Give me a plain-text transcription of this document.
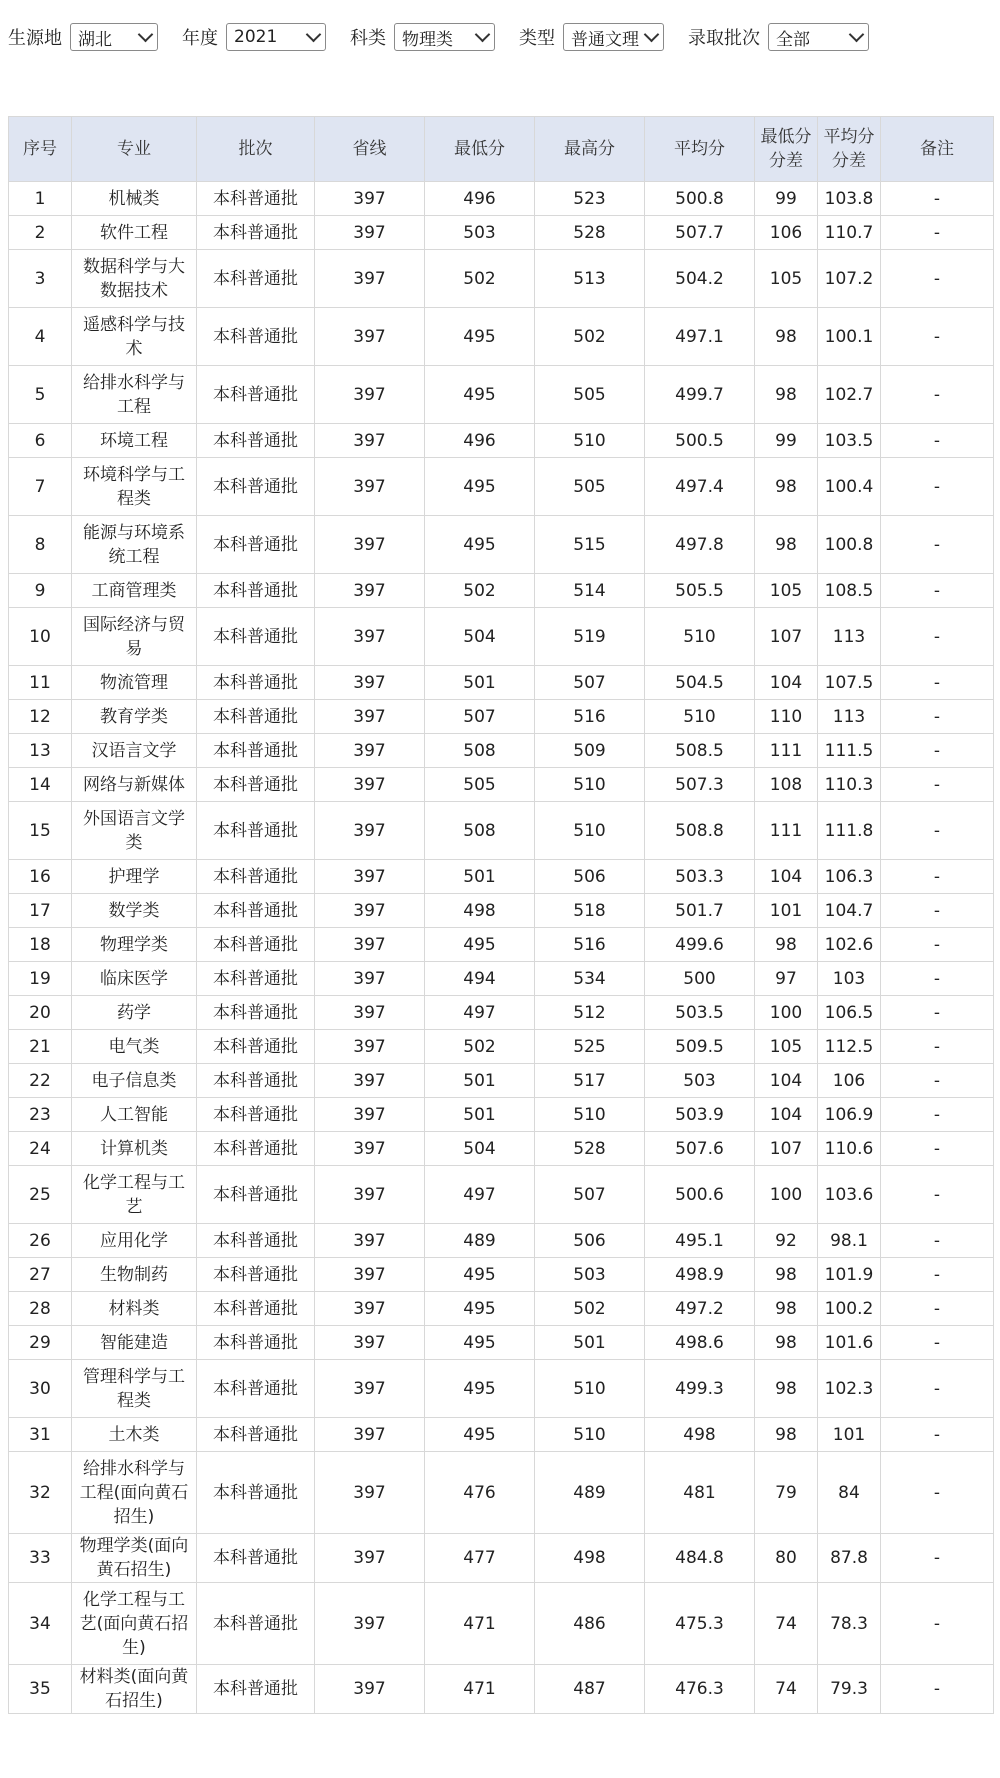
生源地 湖北	年度 2021	科类 物理类	类型 普通文理	录取批次 全部
序号	专业	批次	省线	最低分	最高分	平均分	最低分分差	平均分分差	备注
1	机械类	本科普通批	397	496	523	500.8	99	103.8	-
2	软件工程	本科普通批	397	503	528	507.7	106	110.7	-
3	数据科学与大数据技术	本科普通批	397	502	513	504.2	105	107.2	-
4	遥感科学与技术	本科普通批	397	495	502	497.1	98	100.1	-
5	给排水科学与工程	本科普通批	397	495	505	499.7	98	102.7	-
6	环境工程	本科普通批	397	496	510	500.5	99	103.5	-
7	环境科学与工程类	本科普通批	397	495	505	497.4	98	100.4	-
8	能源与环境系统工程	本科普通批	397	495	515	497.8	98	100.8	-
9	工商管理类	本科普通批	397	502	514	505.5	105	108.5	-
10	国际经济与贸易	本科普通批	397	504	519	510	107	113	-
11	物流管理	本科普通批	397	501	507	504.5	104	107.5	-
12	教育学类	本科普通批	397	507	516	510	110	113	-
13	汉语言文学	本科普通批	397	508	509	508.5	111	111.5	-
14	网络与新媒体	本科普通批	397	505	510	507.3	108	110.3	-
15	外国语言文学类	本科普通批	397	508	510	508.8	111	111.8	-
16	护理学	本科普通批	397	501	506	503.3	104	106.3	-
17	数学类	本科普通批	397	498	518	501.7	101	104.7	-
18	物理学类	本科普通批	397	495	516	499.6	98	102.6	-
19	临床医学	本科普通批	397	494	534	500	97	103	-
20	药学	本科普通批	397	497	512	503.5	100	106.5	-
21	电气类	本科普通批	397	502	525	509.5	105	112.5	-
22	电子信息类	本科普通批	397	501	517	503	104	106	-
23	人工智能	本科普通批	397	501	510	503.9	104	106.9	-
24	计算机类	本科普通批	397	504	528	507.6	107	110.6	-
25	化学工程与工艺	本科普通批	397	497	507	500.6	100	103.6	-
26	应用化学	本科普通批	397	489	506	495.1	92	98.1	-
27	生物制药	本科普通批	397	495	503	498.9	98	101.9	-
28	材料类	本科普通批	397	495	502	497.2	98	100.2	-
29	智能建造	本科普通批	397	495	501	498.6	98	101.6	-
30	管理科学与工程类	本科普通批	397	495	510	499.3	98	102.3	-
31	土木类	本科普通批	397	495	510	498	98	101	-
32	给排水科学与工程(面向黄石招生)	本科普通批	397	476	489	481	79	84	-
33	物理学类(面向黄石招生)	本科普通批	397	477	498	484.8	80	87.8	-
34	化学工程与工艺(面向黄石招生)	本科普通批	397	471	486	475.3	74	78.3	-
35	材料类(面向黄石招生)	本科普通批	397	471	487	476.3	74	79.3	-
